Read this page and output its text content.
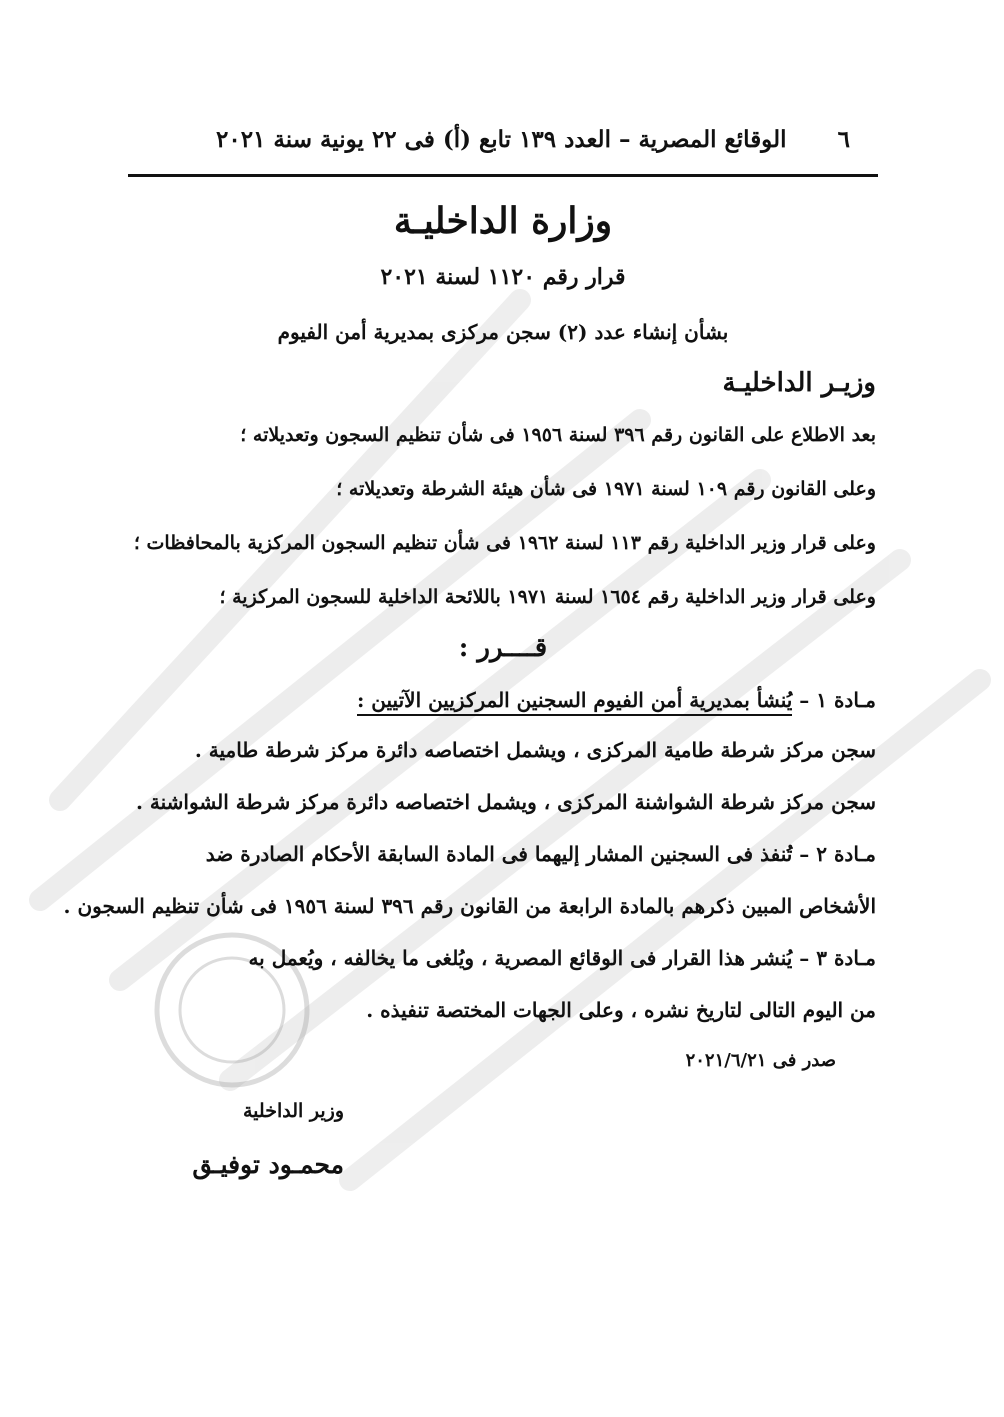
٦
الوقائع المصرية – العدد ١٣٩ تابع (أ) فى ٢٢ يونية سنة ٢٠٢١
وزارة الداخليـة
قرار رقم ١١٢٠ لسنة ٢٠٢١
بشأن إنشاء عدد (٢) سجن مركزى بمديرية أمن الفيوم
وزيـر الداخليـة
بعد الاطلاع على القانون رقم ٣٩٦ لسنة ١٩٥٦ فى شأن تنظيم السجون وتعديلاته ؛
وعلى القانون رقم ١٠٩ لسنة ١٩٧١ فى شأن هيئة الشرطة وتعديلاته ؛
وعلى قرار وزير الداخلية رقم ١١٣ لسنة ١٩٦٢ فى شأن تنظيم السجون المركزية بالمحافظات ؛
وعلى قرار وزير الداخلية رقم ١٦٥٤ لسنة ١٩٧١ باللائحة الداخلية للسجون المركزية ؛
قــــرر :
مـادة ١ – يُنشأ بمديرية أمن الفيوم السجنين المركزيين الآتيين :
سجن مركز شرطة طامية المركزى ، ويشمل اختصاصه دائرة مركز شرطة طامية .
سجن مركز شرطة الشواشنة المركزى ، ويشمل اختصاصه دائرة مركز شرطة الشواشنة .
مـادة ٢ – تُنفذ فى السجنين المشار إليهما فى المادة السابقة الأحكام الصادرة ضد
الأشخاص المبين ذكرهم بالمادة الرابعة من القانون رقم ٣٩٦ لسنة ١٩٥٦ فى شأن تنظيم السجون .
مـادة ٣ – يُنشر هذا القرار فى الوقائع المصرية ، ويُلغى ما يخالفه ، ويُعمل به
من اليوم التالى لتاريخ نشره ، وعلى الجهات المختصة تنفيذه .
صدر فى ٢٠٢١/٦/٢١
وزير الداخلية
محمـود توفيـق
